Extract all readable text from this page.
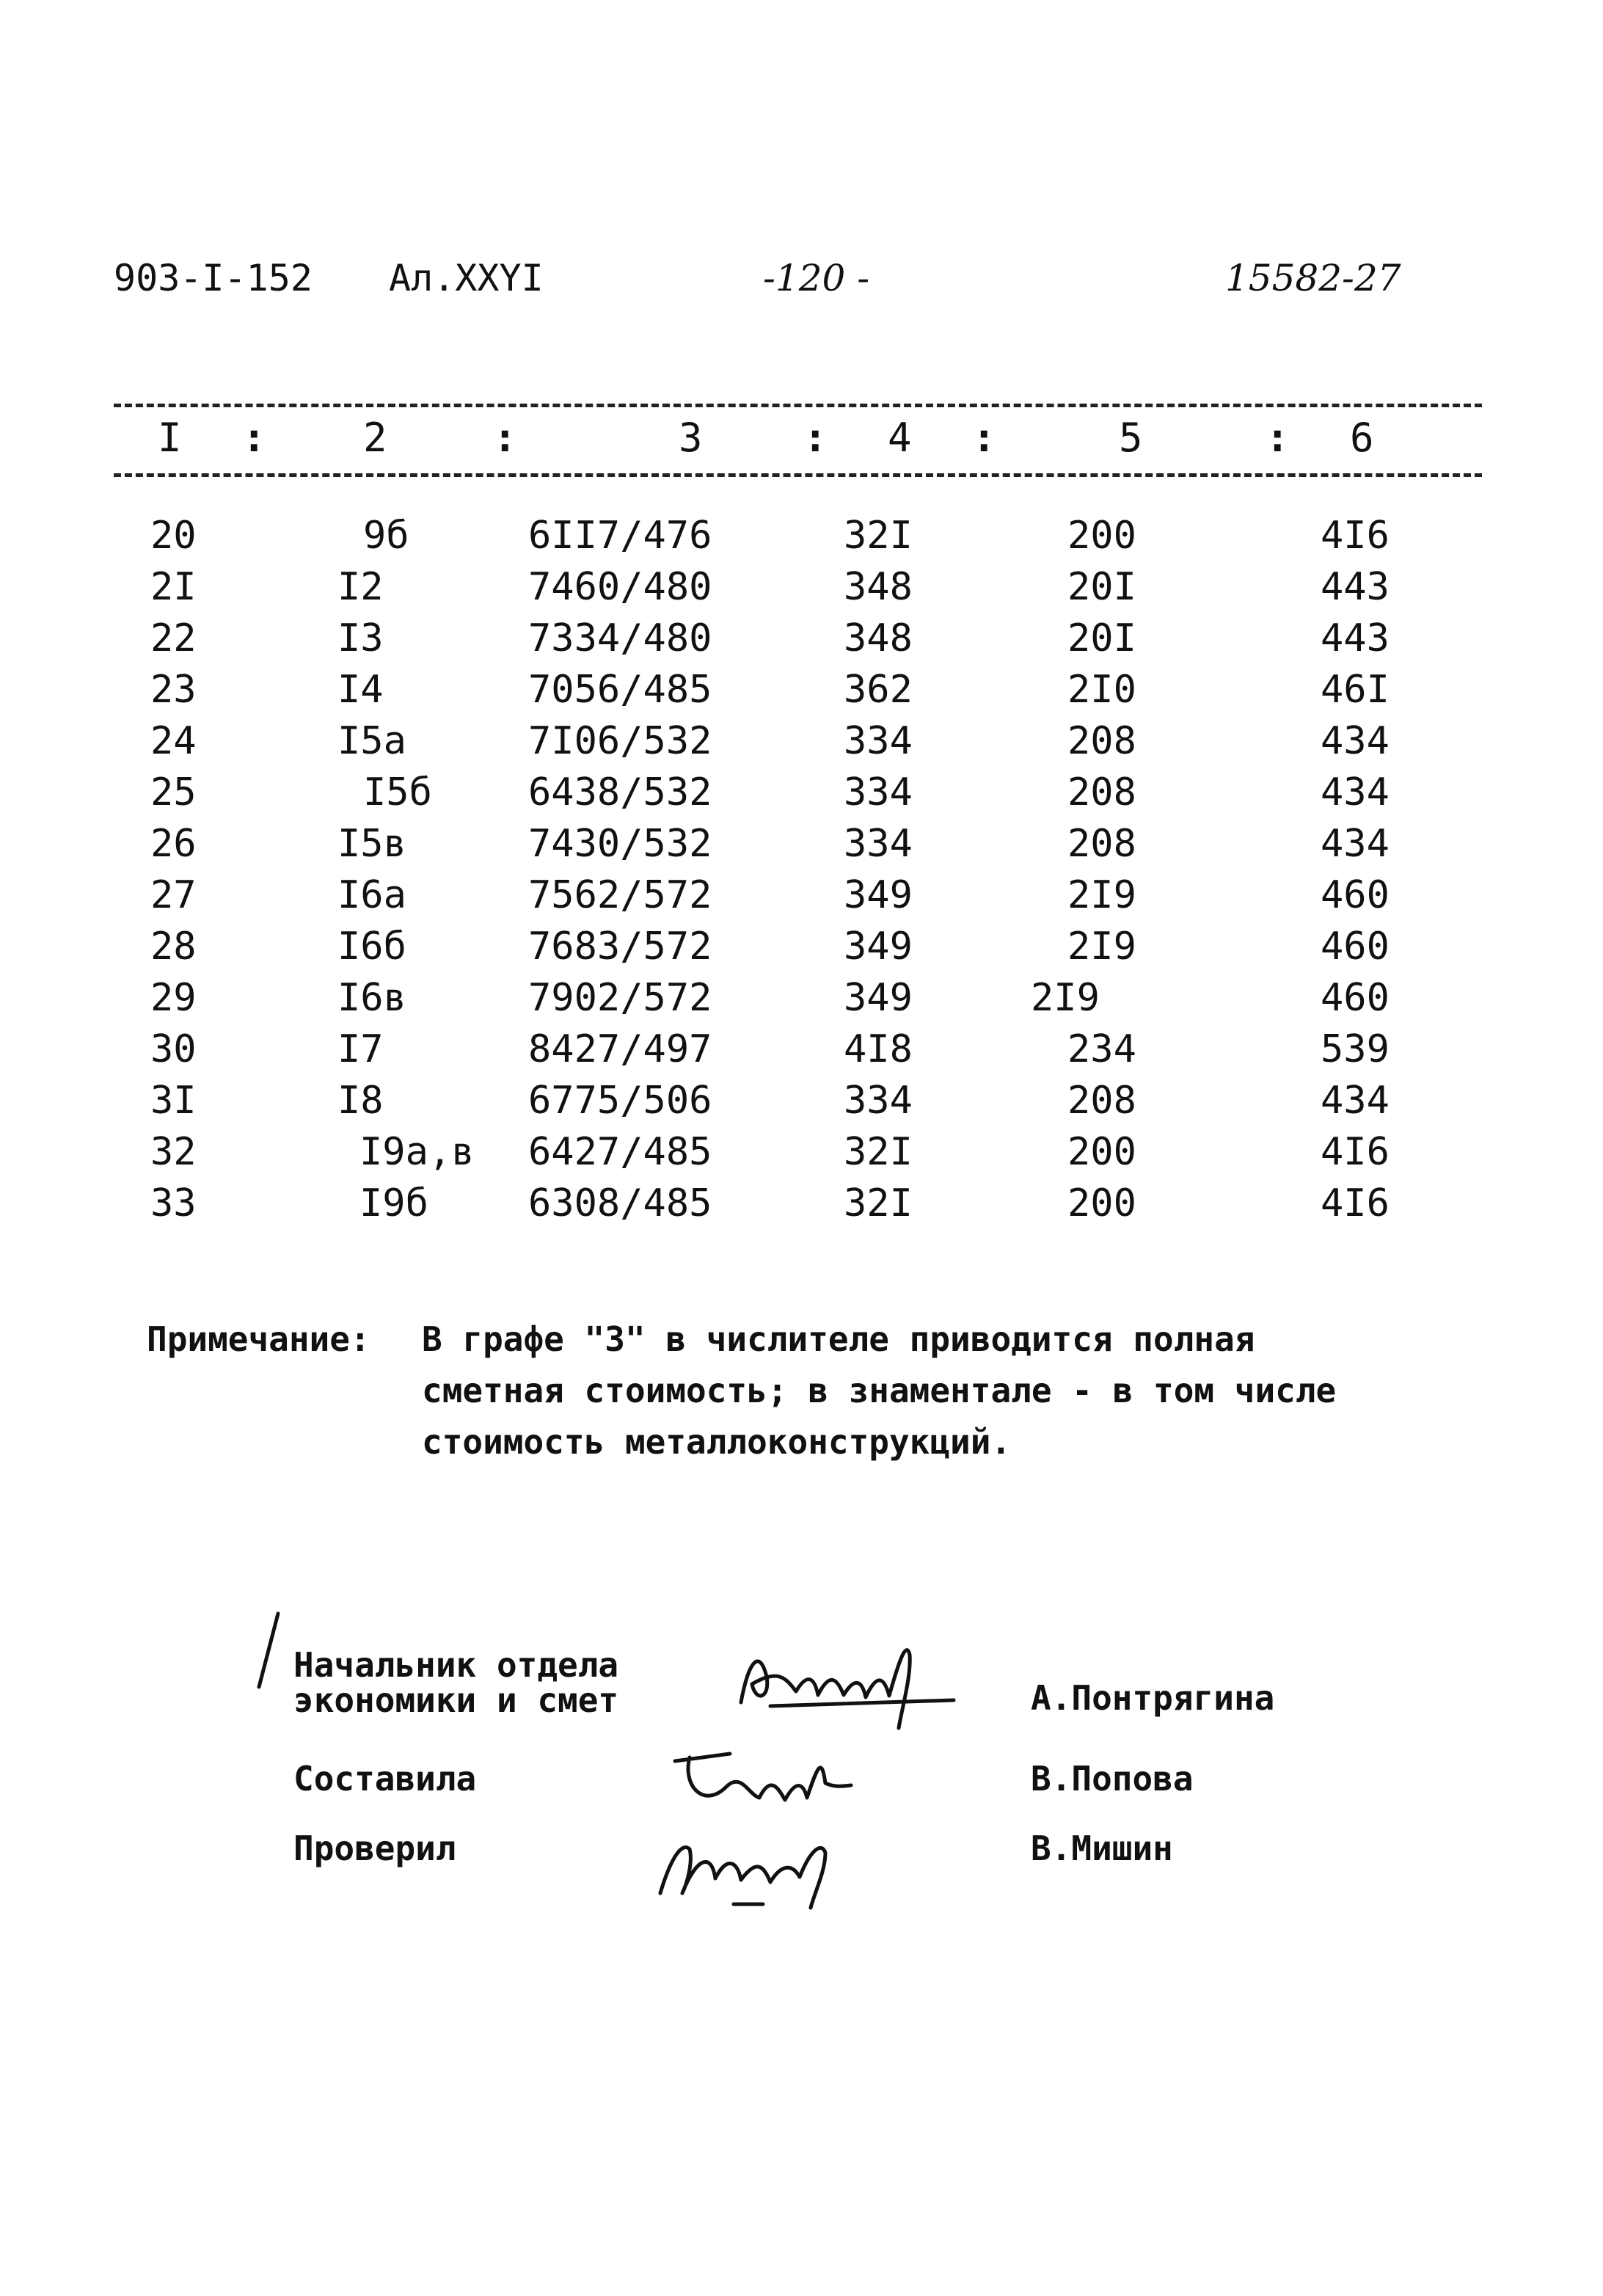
903-I-152 Ал.XXYI	-120 -	15582-27
I : 2	:	3	: 4 :	5	: 6
20	9б	6II7/476	32I	200	4I6
2I	I2	7460/480	348	20I	443
22	I3	7334/480	348	20I	443
23	I4	7056/485	362	2I0	46I
24	I5a	7I06/532	334	208	434
25	I5б	6438/532	334	208	434
26	I5в	7430/532	334	208	434
27	I6a	7562/572	349	2I9	460
28	I6б	7683/572	349	2I9	460
29	I6в	7902/572	349	2I9	460
30	I7	8427/497	4I8	234	539
3I	I8	6775/506	334	208	434
32	I9a,в 6427/485	32I	200	4I6
33	I9б	6308/485	32I	200	4I6
Примечание: В графе "3" в числителе приводится полная
сметная стоимость; в знаментале - в том числе
стоимость металлоконструкций.
Начальник отдела
экономики и смет
Составила
Проверил
А.Понтрягина
В.Попова
В.Мишин
